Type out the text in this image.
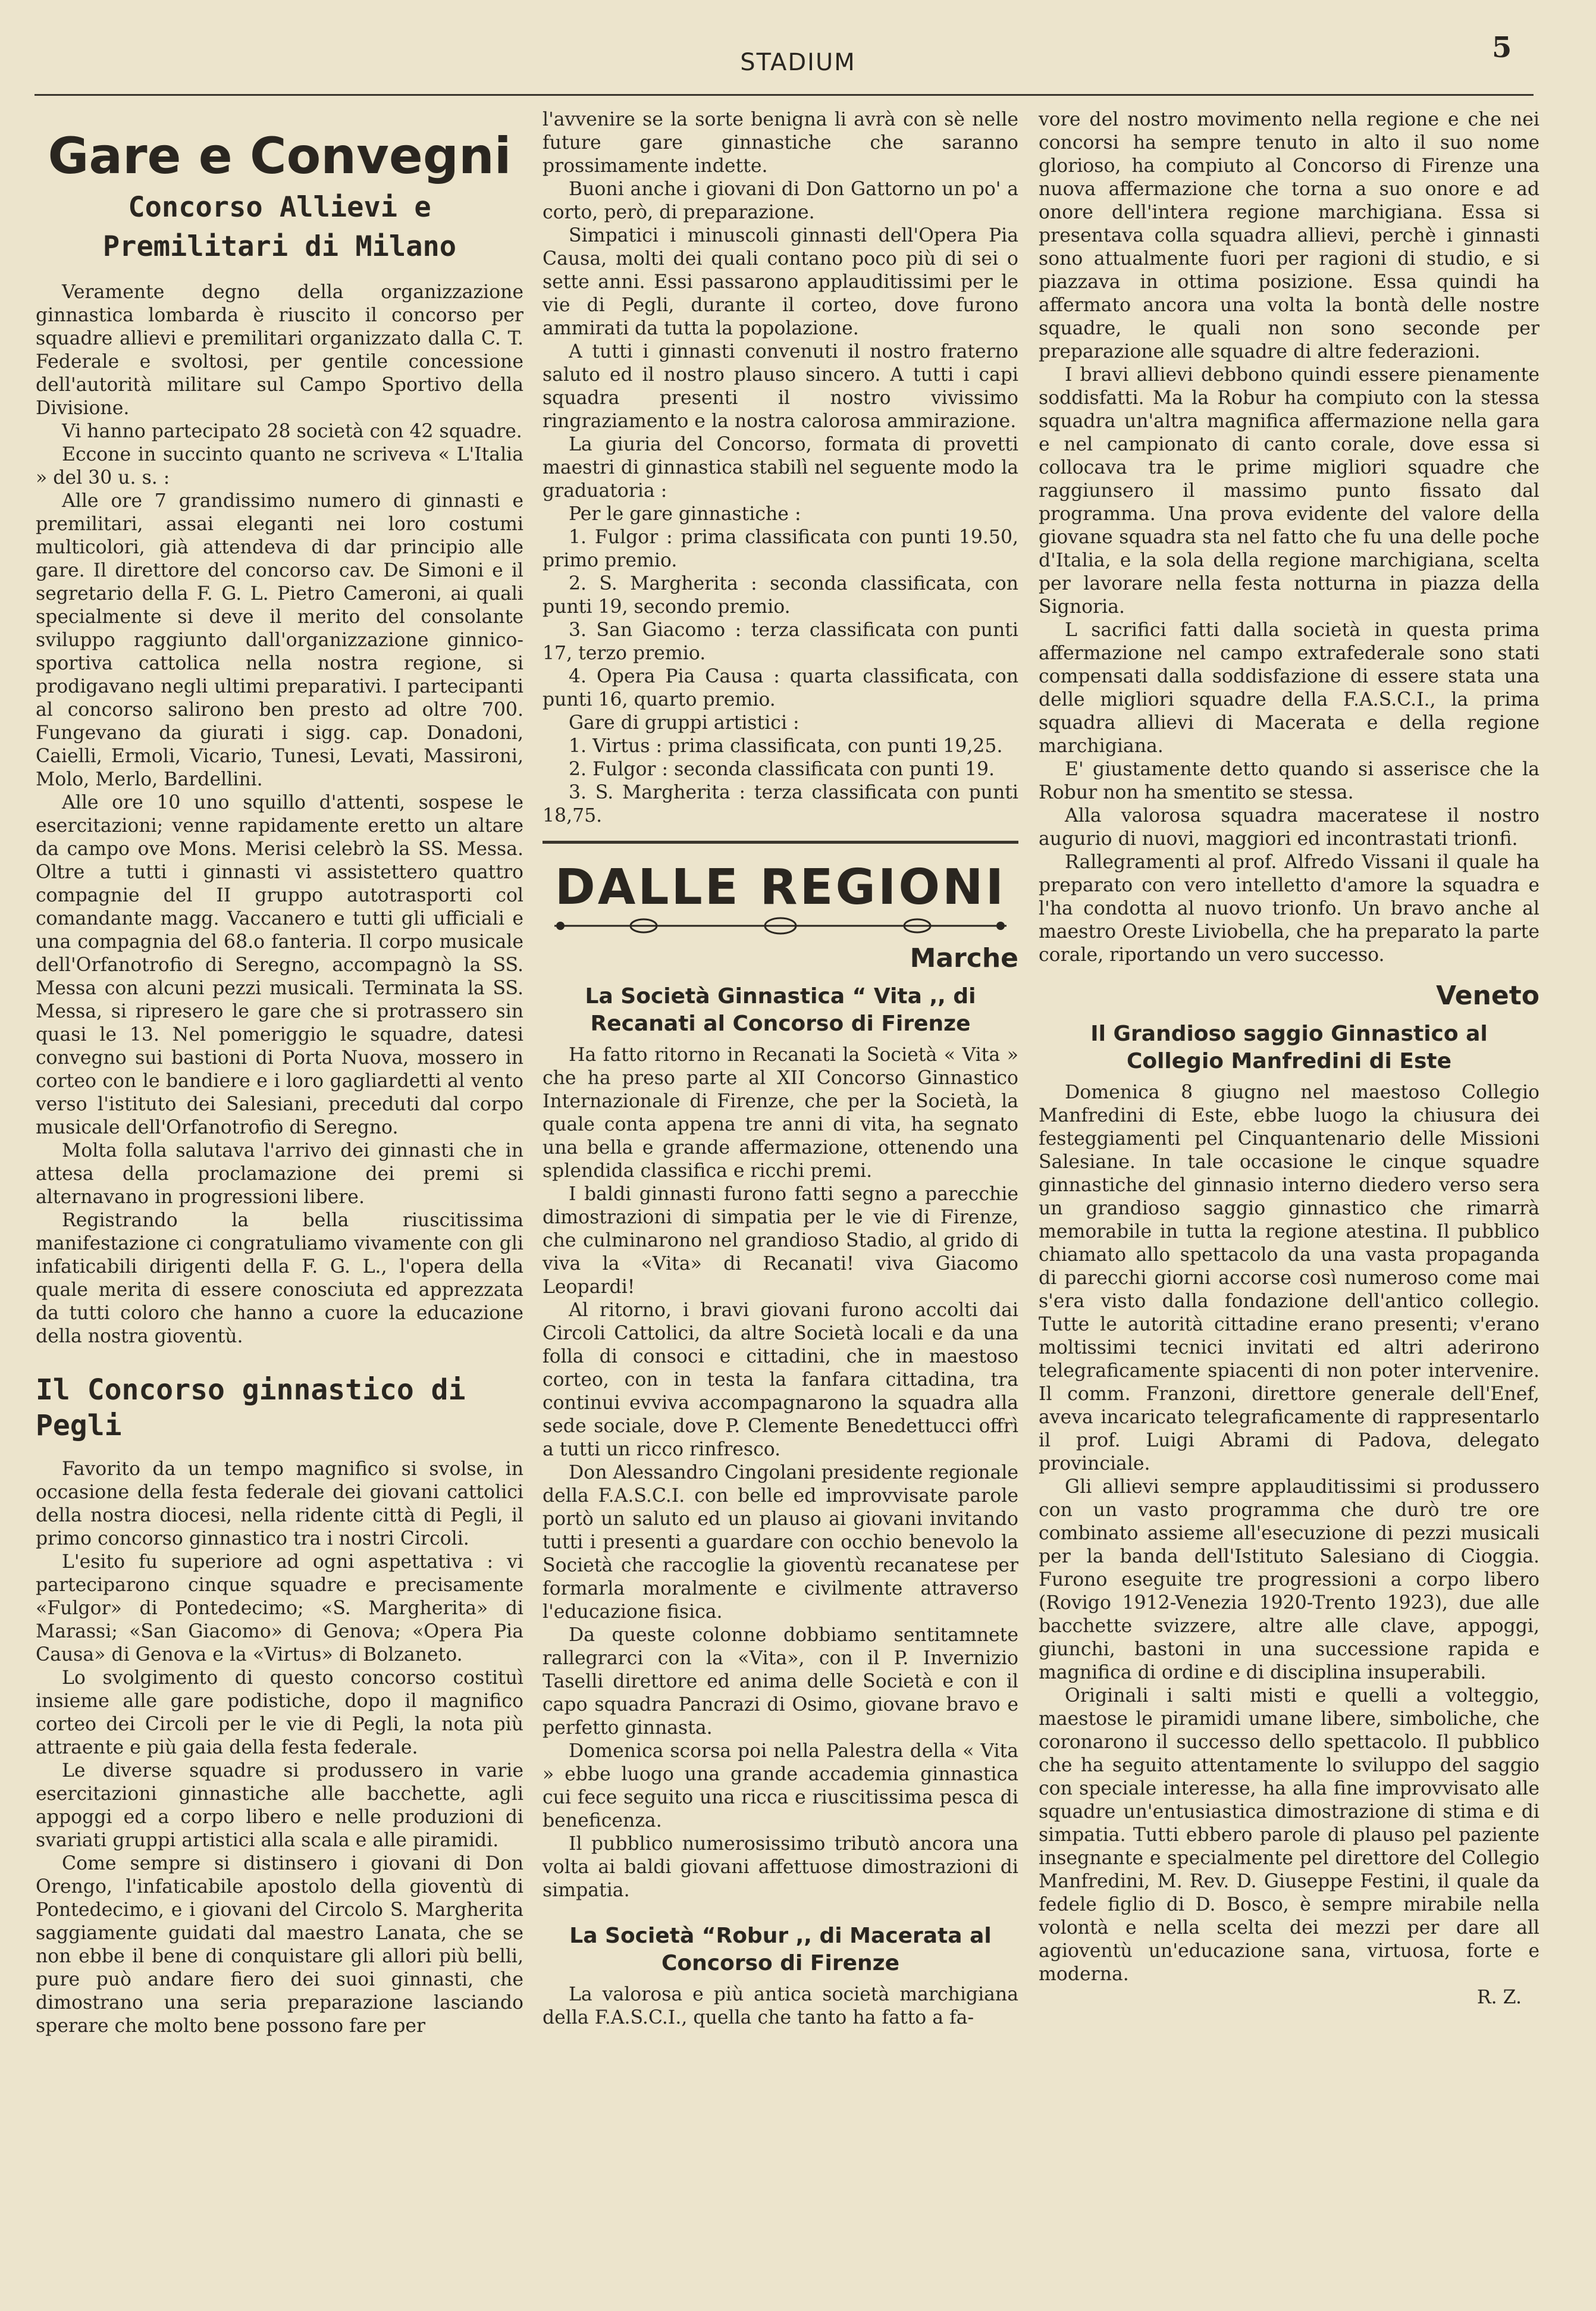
STADIUM	5
Gare e Convegni
Concorso Allievi e Premilitari di Milano

Veramente degno della organizzazione ginnastica lombarda è riuscito il concorso per squadre allievi e premilitari organizzato dalla C. T. Federale e svoltosi, per gentile concessione dell'autorità militare sul Campo Sportivo della Divisione.

Vi hanno partecipato 28 società con 42 squadre.

Eccone in succinto quanto ne scriveva « L'Italia » del 30 u. s. :

Alle ore 7 grandissimo numero di ginnasti e premilitari, assai eleganti nei loro costumi multicolori, già attendeva di dar principio alle gare. Il direttore del concorso cav. De Simoni e il segretario della F. G. L. Pietro Cameroni, ai quali specialmente si deve il merito del consolante sviluppo raggiunto dall'organizzazione ginnico-sportiva cattolica nella nostra regione, si prodigavano negli ultimi preparativi. I partecipanti al concorso salirono ben presto ad oltre 700. Fungevano da giurati i sigg. cap. Donadoni, Caielli, Ermoli, Vicario, Tunesi, Levati, Massironi, Molo, Merlo, Bardellini.

Alle ore 10 uno squillo d'attenti, sospese le esercitazioni; venne rapidamente eretto un altare da campo ove Mons. Merisi celebrò la SS. Messa. Oltre a tutti i ginnasti vi assistettero quattro compagnie del II gruppo autotrasporti col comandante magg. Vaccanero e tutti gli ufficiali e una compagnia del 68.o fanteria. Il corpo musicale dell'Orfanotrofio di Seregno, accompagnò la SS. Messa con alcuni pezzi musicali. Terminata la SS. Messa, si ripresero le gare che si protrassero sin quasi le 13. Nel pomeriggio le squadre, datesi convegno sui bastioni di Porta Nuova, mossero in corteo con le bandiere e i loro gagliardetti al vento verso l'istituto dei Salesiani, preceduti dal corpo musicale dell'Orfanotrofio di Seregno.

Molta folla salutava l'arrivo dei ginnasti che in attesa della proclamazione dei premi si alternavano in progressioni libere.

Registrando la bella riuscitissima manifestazione ci congratuliamo vivamente con gli infaticabili dirigenti della F. G. L., l'opera della quale merita di essere conosciuta ed apprezzata da tutti coloro che hanno a cuore la educazione della nostra gioventù.

Il Concorso ginnastico di Pegli

Favorito da un tempo magnifico si svolse, in occasione della festa federale dei giovani cattolici della nostra diocesi, nella ridente città di Pegli, il primo concorso ginnastico tra i nostri Circoli.

L'esito fu superiore ad ogni aspettativa : vi parteciparono cinque squadre e precisamente «Fulgor» di Pontedecimo; «S. Margherita» di Marassi; «San Giacomo» di Genova; «Opera Pia Causa» di Genova e la «Virtus» di Bolzaneto.

Lo svolgimento di questo concorso costituì insieme alle gare podistiche, dopo il magnifico corteo dei Circoli per le vie di Pegli, la nota più attraente e più gaia della festa federale.

Le diverse squadre si produssero in varie esercitazioni ginnastiche alle bacchette, agli appoggi ed a corpo libero e nelle produzioni di svariati gruppi artistici alla scala e alle piramidi.

Come sempre si distinsero i giovani di Don Orengo, l'infaticabile apostolo della gioventù di Pontedecimo, e i giovani del Circolo S. Margherita saggiamente guidati dal maestro Lanata, che se non ebbe il bene di conquistare gli allori più belli, pure può andare fiero dei suoi ginnasti, che dimostrano una seria preparazione lasciando sperare che molto bene possono fare per

l'avvenire se la sorte benigna li avrà con sè nelle future gare ginnastiche che saranno prossimamente indette.

Buoni anche i giovani di Don Gattorno un po' a corto, però, di preparazione.

Simpatici i minuscoli ginnasti dell'Opera Pia Causa, molti dei quali contano poco più di sei o sette anni. Essi passarono applauditissimi per le vie di Pegli, durante il corteo, dove furono ammirati da tutta la popolazione.

A tutti i ginnasti convenuti il nostro fraterno saluto ed il nostro plauso sincero. A tutti i capi squadra presenti il nostro vivissimo ringraziamento e la nostra calorosa ammirazione.

La giuria del Concorso, formata di provetti maestri di ginnastica stabilì nel seguente modo la graduatoria :

Per le gare ginnastiche :

1. Fulgor : prima classificata con punti 19.50, primo premio.

2. S. Margherita : seconda classificata, con punti 19, secondo premio.

3. San Giacomo : terza classificata con punti 17, terzo premio.

4. Opera Pia Causa : quarta classificata, con punti 16, quarto premio.

Gare di gruppi artistici :

1. Virtus : prima classificata, con punti 19,25.

2. Fulgor : seconda classificata con punti 19.

3. S. Margherita : terza classificata con punti 18,75.

DALLE REGIONI
Marche
La Società Ginnastica “ Vita ,, di Recanati al Concorso di Firenze

Ha fatto ritorno in Recanati la Società « Vita » che ha preso parte al XII Concorso Ginnastico Internazionale di Firenze, che per la Società, la quale conta appena tre anni di vita, ha segnato una bella e grande affermazione, ottenendo una splendida classifica e ricchi premi.

I baldi ginnasti furono fatti segno a parecchie dimostrazioni di simpatia per le vie di Firenze, che culminarono nel grandioso Stadio, al grido di viva la «Vita» di Recanati! viva Giacomo Leopardi!

Al ritorno, i bravi giovani furono accolti dai Circoli Cattolici, da altre Società locali e da una folla di consoci e cittadini, che in maestoso corteo, con in testa la fanfara cittadina, tra continui evviva accompagnarono la squadra alla sede sociale, dove P. Clemente Benedettucci offrì a tutti un ricco rinfresco.

Don Alessandro Cingolani presidente regionale della F.A.S.C.I. con belle ed improvvisate parole portò un saluto ed un plauso ai giovani invitando tutti i presenti a guardare con occhio benevolo la Società che raccoglie la gioventù recanatese per formarla moralmente e civilmente attraverso l'educazione fisica.

Da queste colonne dobbiamo sentitamnete rallegrarci con la «Vita», con il P. Invernizio Taselli direttore ed anima delle Società e con il capo squadra Pancrazi di Osimo, giovane bravo e perfetto ginnasta.

Domenica scorsa poi nella Palestra della « Vita » ebbe luogo una grande accademia ginnastica cui fece seguito una ricca e riuscitissima pesca di beneficenza.

Il pubblico numerosissimo tributò ancora una volta ai baldi giovani affettuose dimostrazioni di simpatia.

La Società “Robur ,, di Macerata al Concorso di Firenze

La valorosa e più antica società marchigiana della F.A.S.C.I., quella che tanto ha fatto a fa-

vore del nostro movimento nella regione e che nei concorsi ha sempre tenuto in alto il suo nome glorioso, ha compiuto al Concorso di Firenze una nuova affermazione che torna a suo onore e ad onore dell'intera regione marchigiana. Essa si presentava colla squadra allievi, perchè i ginnasti sono attualmente fuori per ragioni di studio, e si piazzava in ottima posizione. Essa quindi ha affermato ancora una volta la bontà delle nostre squadre, le quali non sono seconde per preparazione alle squadre di altre federazioni.

I bravi allievi debbono quindi essere pienamente soddisfatti. Ma la Robur ha compiuto con la stessa squadra un'altra magnifica affermazione nella gara e nel campionato di canto corale, dove essa si collocava tra le prime migliori squadre che raggiunsero il massimo punto fissato dal programma. Una prova evidente del valore della giovane squadra sta nel fatto che fu una delle poche d'Italia, e la sola della regione marchigiana, scelta per lavorare nella festa notturna in piazza della Signoria.

L sacrifici fatti dalla società in questa prima affermazione nel campo extrafederale sono stati compensati dalla soddisfazione di essere stata una delle migliori squadre della F.A.S.C.I., la prima squadra allievi di Macerata e della regione marchigiana.

E' giustamente detto quando si asserisce che la Robur non ha smentito se stessa.

Alla valorosa squadra maceratese il nostro augurio di nuovi, maggiori ed incontrastati trionfi.

Rallegramenti al prof. Alfredo Vissani il quale ha preparato con vero intelletto d'amore la squadra e l'ha condotta al nuovo trionfo. Un bravo anche al maestro Oreste Liviobella, che ha preparato la parte corale, riportando un vero successo.

Veneto
Il Grandioso saggio Ginnastico al Collegio Manfredini di Este

Domenica 8 giugno nel maestoso Collegio Manfredini di Este, ebbe luogo la chiusura dei festeggiamenti pel Cinquantenario delle Missioni Salesiane. In tale occasione le cinque squadre ginnastiche del ginnasio interno diedero verso sera un grandioso saggio ginnastico che rimarrà memorabile in tutta la regione atestina. Il pubblico chiamato allo spettacolo da una vasta propaganda di parecchi giorni accorse così numeroso come mai s'era visto dalla fondazione dell'antico collegio. Tutte le autorità cittadine erano presenti; v'erano moltissimi tecnici invitati ed altri aderirono telegraficamente spiacenti di non poter intervenire. Il comm. Franzoni, direttore generale dell'Enef, aveva incaricato telegraficamente di rappresentarlo il prof. Luigi Abrami di Padova, delegato provinciale.

Gli allievi sempre applauditissimi si produssero con un vasto programma che durò tre ore combinato assieme all'esecuzione di pezzi musicali per la banda dell'Istituto Salesiano di Cioggia. Furono eseguite tre progressioni a corpo libero (Rovigo 1912-Venezia 1920-Trento 1923), due alle bacchette svizzere, altre alle clave, appoggi, giunchi, bastoni in una successione rapida e magnifica di ordine e di disciplina insuperabili.

Originali i salti misti e quelli a volteggio, maestose le piramidi umane libere, simboliche, che coronarono il successo dello spettacolo. Il pubblico che ha seguito attentamente lo sviluppo del saggio con speciale interesse, ha alla fine improvvisato alle squadre un'entusiastica dimostrazione di stima e di simpatia. Tutti ebbero parole di plauso pel paziente insegnante e specialmente pel direttore del Collegio Manfredini, M. Rev. D. Giuseppe Festini, il quale da fedele figlio di D. Bosco, è sempre mirabile nella volontà e nella scelta dei mezzi per dare all agioventù un'educazione sana, virtuosa, forte e moderna.

R. Z.
